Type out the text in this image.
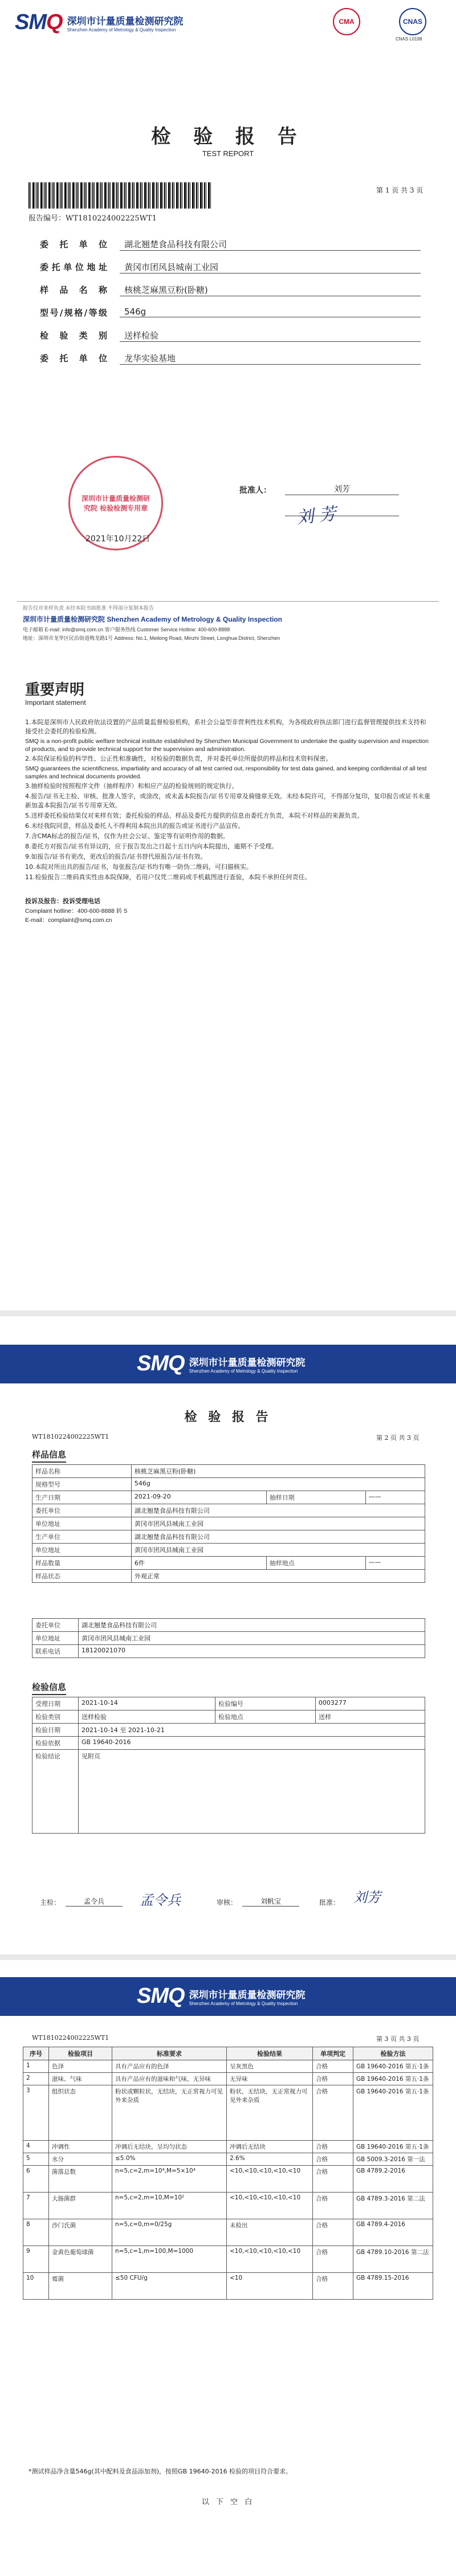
SMQ 深圳市计量质量检测研究院
Shenzhen Academy of Metrology & Quality Inspection
CMA	CNAS
CNAS L0198
检 验 报 告
TEST REPORT
第 1 页 共 3 页
报告编号：WT1810224002225WT1
委托单位	湖北翘楚食品科技有限公司
委托单位地址	黄冈市团风县城南工业园
样品名称	核桃芝麻黑豆粉(卧糖)
型号/规格/等级	546g
检验类别	送样检验
委托单位	龙华实验基地
批准人：	刘芳
刘 芳
深圳市计量质量检测研究院 检验检测专用章
2021年10月22日
报告仅对来样负责 未经本院书面批准 不得部分复制本报告
深圳市计量质量检测研究院 Shenzhen Academy of Metrology & Quality Inspection
电子邮箱 E-mail: info@smq.com.cn 客户服务热线 Customer Service Hotline: 400-600-8888
地址：深圳市龙华区民治街道梅龙路1号 Address: No.1, Meilong Road, Minzhi Street, Longhua District, Shenzhen
重要声明
Important statement

1.本院是深圳市人民政府依法设置的产品质量监督检验机构，系社会公益型非营利性技术机构，为各级政府执法部门进行监督管理提供技术支持和接受社会委托的检验检测。

SMQ is a non-profit public welfare technical institute established by Shenzhen Municipal Government to undertake the quality supervision and inspection of products, and to provide technical support for the supervision and administration.

2.本院保证检验的科学性、公正性和准确性，对检验的数据负责，并对委托单位所提供的样品和技术资料保密。

SMQ guarantees the scientificness, impartiality and accuracy of all test carried out, responsibility for test data gained, and keeping confidential of all test samples and technical documents provided.

3.抽样检验时按照程序文件（抽样程序）和相应产品的检验规则的规定执行。

4.报告/证书无主检、审核、批准人签字，或涂改，或未盖本院报告/证书专用章及骑缝章无效。未经本院许可，不得部分复印，复印报告或证书未重新加盖本院报告/证书专用章无效。

5.送样委托检验结果仅对来样有效；委托检验的样品、样品及委托方提供的信息由委托方负责，本院不对样品的来源负责。

6.未经我院同意，样品及委托人不得利用本院出具的报告或证书进行产品宣传。

7.含CMA标志的报告/证书，仅作为社会公证、鉴定等有证明作用的数据。

8.委托方对报告/证书有异议的，应于报告发出之日起十五日内向本院提出，逾期不予受理。

9.如报告/证书有更改，更改后的报告/证书替代原报告/证书有效。

10.本院对所出具的报告/证书，每张报告/证书均有唯一防伪二维码，可扫描核实。

11.检验报告二维码真实性由本院保障，若用户仅凭二维码或手机截图进行查验，本院不承担任何责任。

投诉及报告：投诉受理电话

Complaint hotline：400-600-8888 转 5

E-mail：complaint@smq.com.cn

SMQ 深圳市计量质量检测研究院
Shenzhen Academy of Metrology & Quality Inspection
检 验 报 告
WT1810224002225WT1	第 2 页 共 3 页
样品信息
样品名称	核桃芝麻黑豆粉(卧糖)		
规格型号	546g		
生产日期	2021-09-20	抽样日期	——
委托单位	湖北翘楚食品科技有限公司		
单位地址	黄冈市团风县城南工业园		
生产单位	湖北翘楚食品科技有限公司		
单位地址	黄冈市团风县城南工业园		
样品数量	6件	抽样地点	——
样品状态	外观正常		
委托单位	湖北翘楚食品科技有限公司
单位地址	黄冈市团风县城南工业园
联系电话	18120021070
检验信息
受理日期	2021-10-14	检验编号	0003277
检验类别	送样检验	检验地点	送样
检验日期	2021-10-14 至 2021-10-21		
检验依据	GB 19640-2016		
检验结论	见附页		
主检：	孟令兵	孟令兵	审核：	刘帆宝	批准： 刘芳
SMQ 深圳市计量质量检测研究院
Shenzhen Academy of Metrology & Quality Inspection
WT1810224002225WT1	第 3 页 共 3 页
序号	检验项目	标准要求	检验结果	单项判定	检验方法
1	色泽	具有产品应有的色泽	呈灰黑色	合格	GB 19640-2016 第五·1条
2	滋味、气味	具有产品应有的滋味和气味，无异味	无异味	合格	GB 19640-2016 第五·1条
3	组织状态	粉状或颗粒状，无结块，无正常视力可见外来杂质	粉状，无结块，无正常视力可见外来杂质	合格	GB 19640-2016 第五·1条
4	冲调性	冲调后无结块，呈均匀状态	冲调后无结块	合格	GB 19640-2016 第五·1条
5	水分	≤5.0%	2.6%	合格	GB 5009.3-2016 第一法
6	菌落总数	n=5,c=2,m=10⁴,M=5×10⁴	<10,<10,<10,<10,<10	合格	GB 4789.2-2016
7	大肠菌群	n=5,c=2,m=10,M=10²	<10,<10,<10,<10,<10	合格	GB 4789.3-2016 第二法
8	沙门氏菌	n=5,c=0,m=0/25g	未检出	合格	GB 4789.4-2016
9	金黄色葡萄球菌	n=5,c=1,m=100,M=1000	<10,<10,<10,<10,<10	合格	GB 4789.10-2016 第二法
10	霉菌	≤50 CFU/g	<10	合格	GB 4789.15-2016
*测试样品净含量546g(其中配料及食品添加剂)，按照GB 19640-2016 检验的项目符合要求。
以 下 空 白
